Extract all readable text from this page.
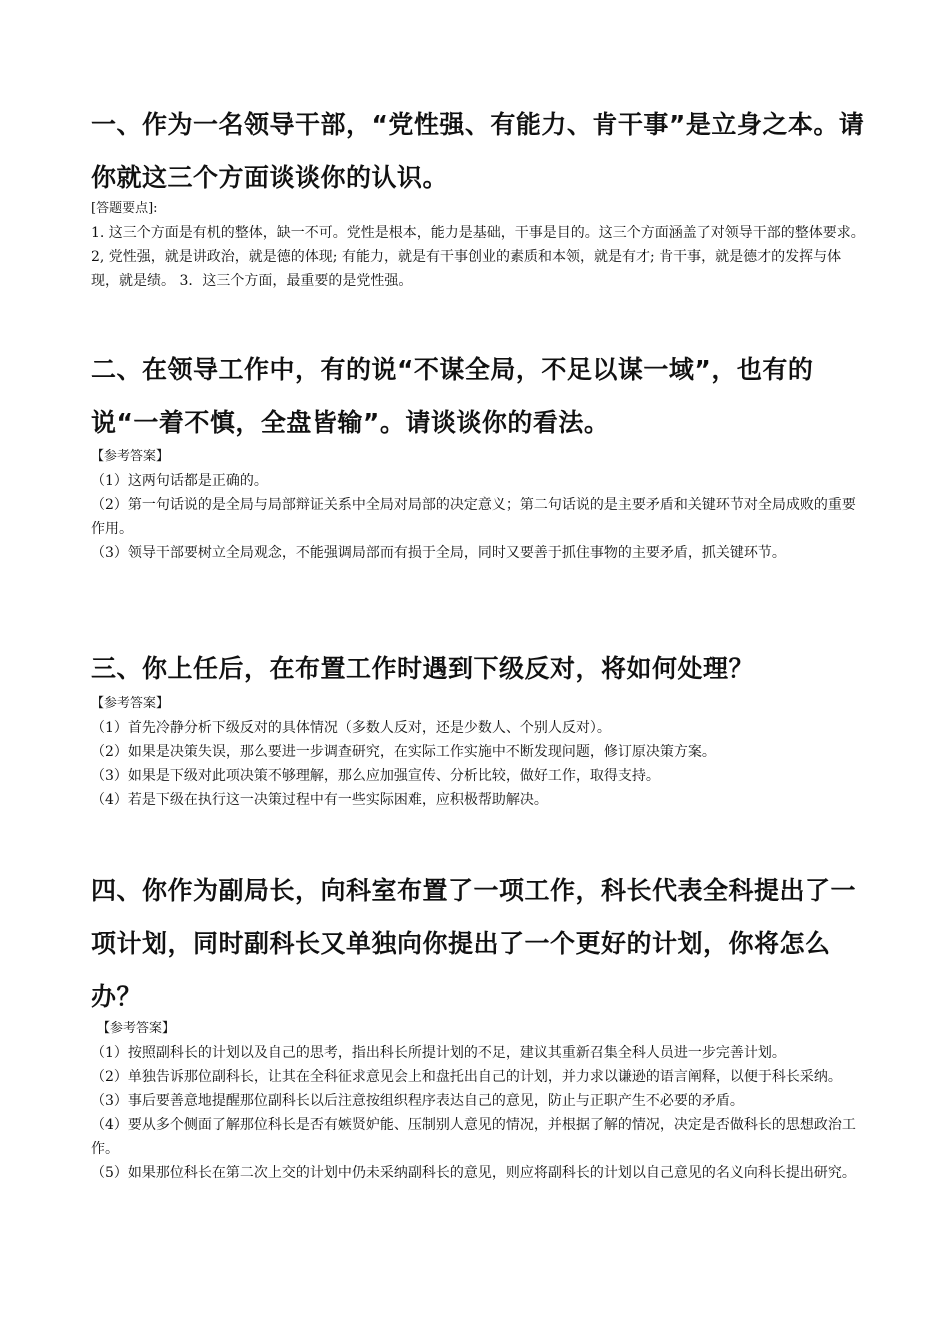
一、作为一名领导干部，“党性强、有能力、肯干事”是立身之本。请你就这三个方面谈谈你的认识。

[答题要点]:

1. 这三个方面是有机的整体，缺一不可。党性是根本，能力是基础，干事是目的。这三个方面涵盖了对领导干部的整体要求。

2, 党性强，就是讲政治，就是德的体现; 有能力，就是有干事创业的素质和本领，就是有才; 肯干事，就是德才的发挥与体现，就是绩。 3．这三个方面，最重要的是党性强。

二、在领导工作中，有的说“不谋全局，不足以谋一域”，也有的说“一着不慎，全盘皆输”。请谈谈你的看法。

【参考答案】

（1）这两句话都是正确的。

（2）第一句话说的是全局与局部辩证关系中全局对局部的决定意义；第二句话说的是主要矛盾和关键环节对全局成败的重要作用。

（3）领导干部要树立全局观念，不能强调局部而有损于全局，同时又要善于抓住事物的主要矛盾，抓关键环节。

三、你上任后，在布置工作时遇到下级反对，将如何处理？

【参考答案】

（1）首先冷静分析下级反对的具体情况（多数人反对，还是少数人、个别人反对）。

（2）如果是决策失误，那么要进一步调查研究，在实际工作实施中不断发现问题，修订原决策方案。

（3）如果是下级对此项决策不够理解，那么应加强宣传、分析比较，做好工作，取得支持。

（4）若是下级在执行这一决策过程中有一些实际困难，应积极帮助解决。

四、你作为副局长，向科室布置了一项工作，科长代表全科提出了一项计划，同时副科长又单独向你提出了一个更好的计划，你将怎么办？

【参考答案】

（1）按照副科长的计划以及自己的思考，指出科长所提计划的不足，建议其重新召集全科人员进一步完善计划。

（2）单独告诉那位副科长，让其在全科征求意见会上和盘托出自己的计划，并力求以谦逊的语言阐释，以便于科长采纳。

（3）事后要善意地提醒那位副科长以后注意按组织程序表达自己的意见，防止与正职产生不必要的矛盾。

（4）要从多个侧面了解那位科长是否有嫉贤妒能、压制别人意见的情况，并根据了解的情况，决定是否做科长的思想政治工作。

（5）如果那位科长在第二次上交的计划中仍未采纳副科长的意见，则应将副科长的计划以自己意见的名义向科长提出研究。
